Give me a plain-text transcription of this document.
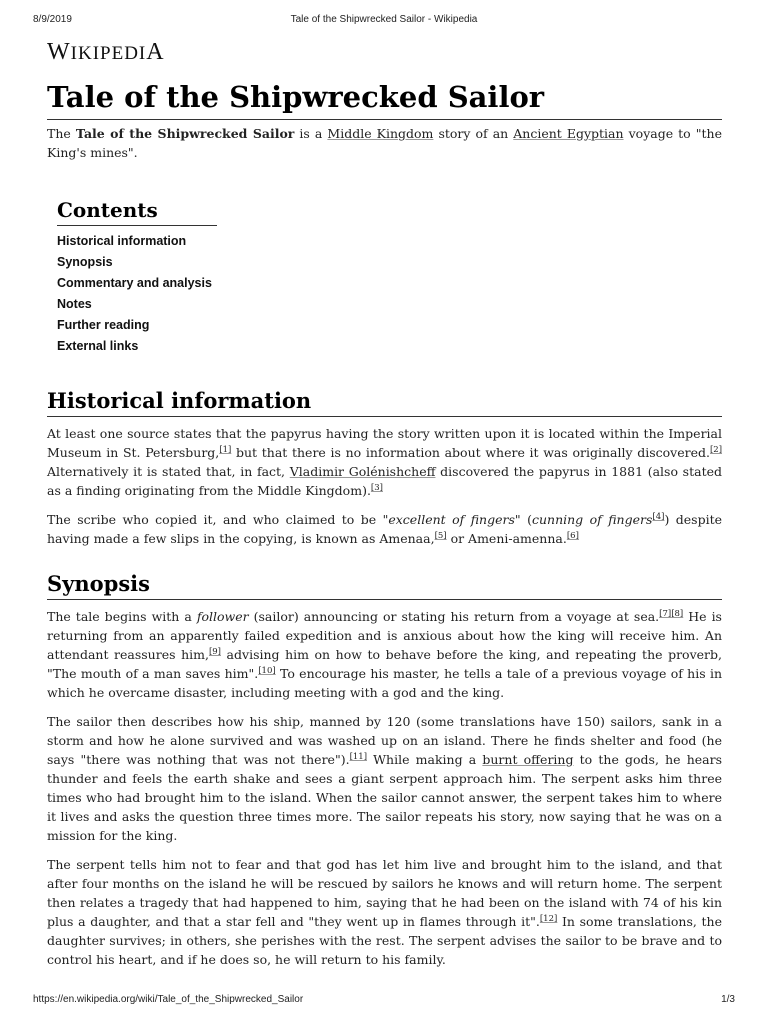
8/9/2019	Tale of the Shipwrecked Sailor - Wikipedia
WIKIPEDIA
Tale of the Shipwrecked Sailor

The Tale of the Shipwrecked Sailor is a Middle Kingdom story of an Ancient Egyptian voyage to "the King's mines".

Contents
Historical information
Synopsis
Commentary and analysis
Notes
Further reading
External links
Historical information

At least one source states that the papyrus having the story written upon it is located within the Imperial Museum in St. Petersburg,[1] but that there is no information about where it was originally discovered.[2] Alternatively it is stated that, in fact, Vladimir Golénishcheff discovered the papyrus in 1881 (also stated as a finding originating from the Middle Kingdom).[3]

The scribe who copied it, and who claimed to be "excellent of fingers" (cunning of fingers[4]) despite having made a few slips in the copying, is known as Amenaa,[5] or Ameni-amenna.[6]

Synopsis

The tale begins with a follower (sailor) announcing or stating his return from a voyage at sea.[7][8] He is returning from an apparently failed expedition and is anxious about how the king will receive him. An attendant reassures him,[9] advising him on how to behave before the king, and repeating the proverb, "The mouth of a man saves him".[10] To encourage his master, he tells a tale of a previous voyage of his in which he overcame disaster, including meeting with a god and the king.

The sailor then describes how his ship, manned by 120 (some translations have 150) sailors, sank in a storm and how he alone survived and was washed up on an island. There he finds shelter and food (he says "there was nothing that was not there").[11] While making a burnt offering to the gods, he hears thunder and feels the earth shake and sees a giant serpent approach him. The serpent asks him three times who had brought him to the island. When the sailor cannot answer, the serpent takes him to where it lives and asks the question three times more. The sailor repeats his story, now saying that he was on a mission for the king.

The serpent tells him not to fear and that god has let him live and brought him to the island, and that after four months on the island he will be rescued by sailors he knows and will return home. The serpent then relates a tragedy that had happened to him, saying that he had been on the island with 74 of his kin plus a daughter, and that a star fell and "they went up in flames through it".[12] In some translations, the daughter survives; in others, she perishes with the rest. The serpent advises the sailor to be brave and to control his heart, and if he does so, he will return to his family.

https://en.wikipedia.org/wiki/Tale_of_the_Shipwrecked_Sailor	1/3
